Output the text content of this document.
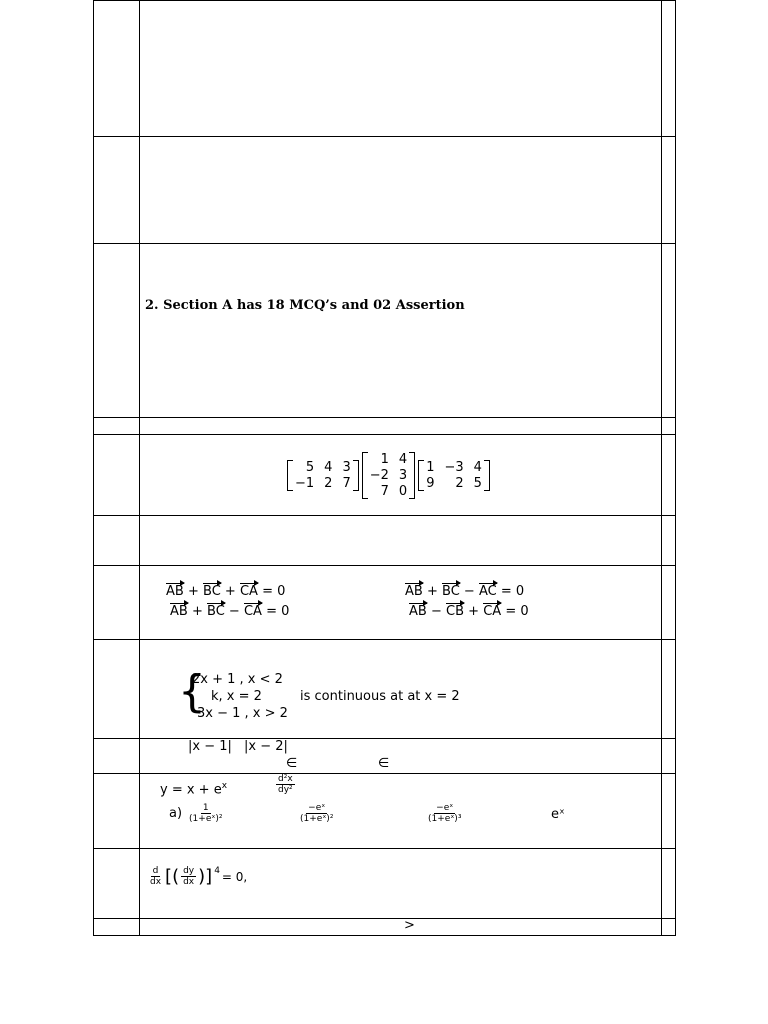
2. Section A has 18 MCQ’s and 02 Assertion
5 4 3
−1 2 7
1 4
−2 3
7 0
1 −3 4
9	2 5
AB + BC + CA = 0	AB + BC − AC = 0
AB + BC − CA = 0	AB − CB + CA = 0
{
2x + 1 , x < 2
k, x = 2
3x − 1 , x > 2
is continuous at at x = 2
|x − 1| |x − 2|
∈	∈
$y = x + e^x$	$\frac{\text{d²x}}{\text{dy²}}$
$a) \frac{1}{\text{(1+eˣ)²}}$	$\frac{\text{−eˣ}}{\text{(1+eˣ)²}}$	$\frac{\text{−eˣ}}{\text{(1+eˣ)³}}$	eˣ
$\frac{d}{dx}$ [( $\frac{dy}{dx} )]^4 = 0$,
>
